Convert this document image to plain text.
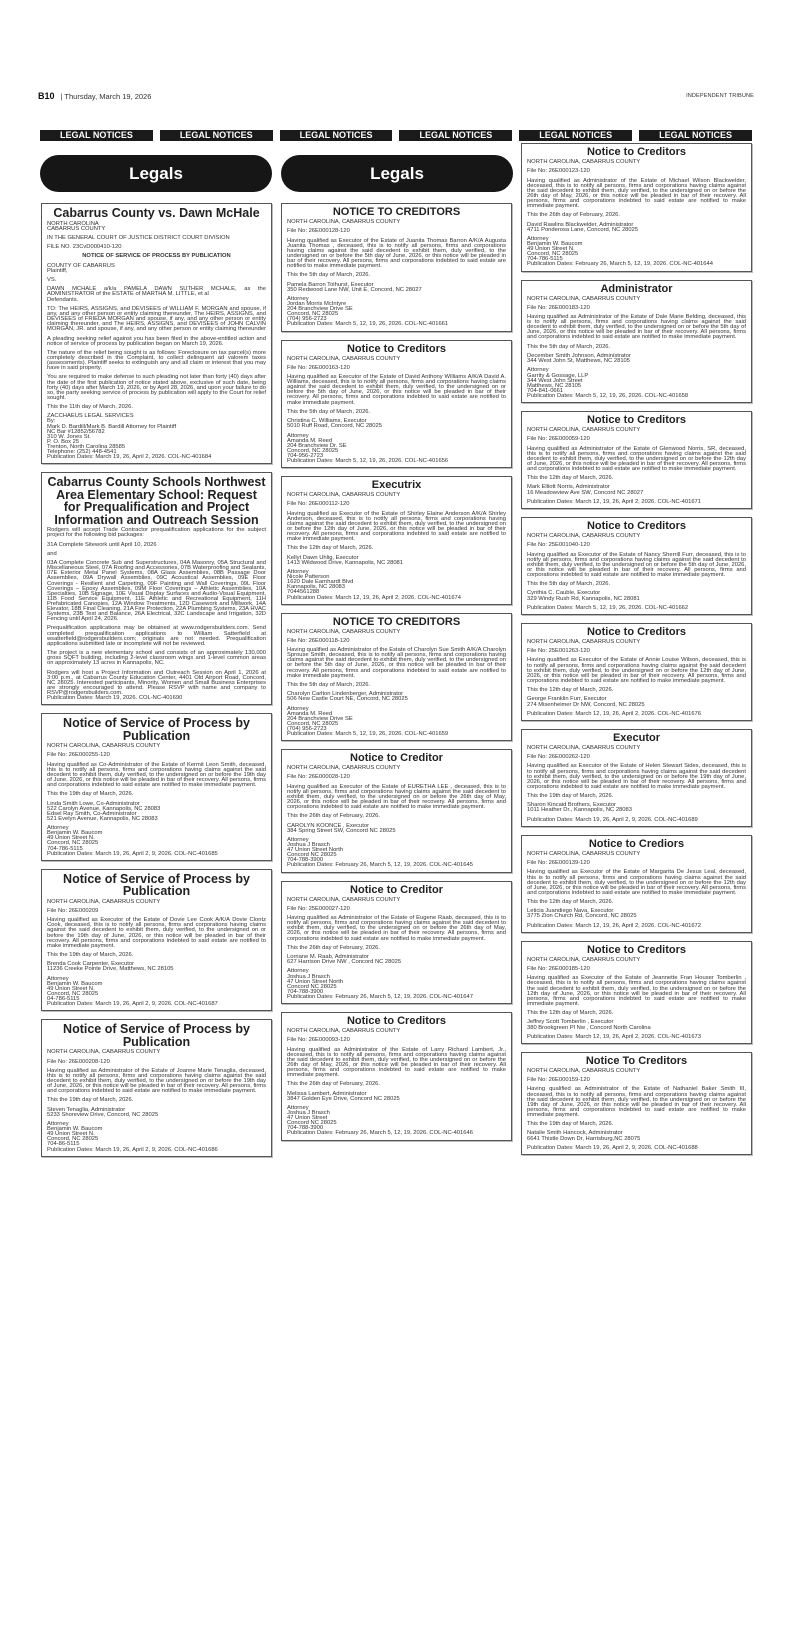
B10 | Thursday, March 19, 2026	INDEPENDENT TRIBUNE
LEGAL NOTICES	LEGAL NOTICES	LEGAL NOTICES	LEGAL NOTICES	LEGAL NOTICES	LEGAL NOTICES
Legals	Legals
Cabarrus County vs. Dawn McHale
NORTH CAROLINA
CABARRUS COUNTY
IN THE GENERAL COURT OF JUSTICE DISTRICT COURT DIVISION
FILE NO. 23CvD000410-120
NOTICE OF SERVICE OF PROCESS BY PUBLICATION
COUNTY OF CABARRUS
Plaintiff,
VS.
DAWN MCHALE a/k/a PAMELA DAWN SUTHER MCHALE, as the ADMINISTRATOR of the ESTATE of MARTHA M. LITTLE, et al
Defendants.
TO: The HEIRS, ASSIGNS, and DEVISEES of WILLIAM F. MORGAN and spouse, if any, and any other person or entity claiming thereunder, The HEIRS, ASSIGNS, and DEVISEES of FRIEDA MORGAN and spouse, if any, and any other person or entity claiming thereunder, and The HEIRS, ASSIGNS, and DEVISEES of JOHN CALVIN MORGAN, JR. and spouse, if any, and any other person or entity claiming thereunder
A pleading seeking relief against you has been filed in the above-entitled action and notice of service of process by publication began on March 19, 2026.
The nature of the relief being sought is as follows: Foreclosure on tax parcel(s) more completely described in the Complaint, to collect delinquent ad valorem taxes (assessments). Plaintiff seeks to extinguish any and all claim or interest that you may have in said property.
You are required to make defense to such pleading not later than forty (40) days after the date of the first publication of notice stated above, exclusive of such date, being forty (40) days after March 19, 2026, or by April 28, 2026, and upon your failure to do so, the party seeking service of process by publication will apply to the Court for relief sought.
This the 11th day of March, 2026.
ZACCHAEUS LEGAL SERVICES
By:
Mark D. Bardill/Mark B. Bardill Attorney for Plaintiff
NC Bar #12852/56782
310 W. Jones St.
P. O. Box 25
Trenton, North Carolina 28585
Telephone: (252) 448-4541
Publication Dates: March 19, 26, April 2, 2026. COL-NC-401684
Cabarrus County Schools Northwest Area Elementary School: Request for Prequalification and Project Information and Outreach Session
Rodgers will accept Trade Contractor prequalification applications for the subject project for the following bid packages:
31A Complete Sitework until April 10, 2026
and
03A Complete Concrete Sub and Superstructures, 04A Masonry, 05A Structural and Miscellaneous Steel, 07A Roofing and Accessories, 07B Waterproofing and Sealants, 07E Exterior Metal Panel Systems, 08A Glass Assemblies, 08B Passage Door Assemblies, 09A Drywall Assemblies, 09C Acoustical Assemblies, 09E Floor Coverings - Resilient and Carpeting, 09F Painting and Wall Coverings, 09L Floor Coverings – Epoxy Assemblies, 09M Floor Coverings – Athletic Assemblies, 10A Specialties, 10B Signage, 10E Visual Display Surfaces and Audio-Visual Equipment, 11B Food Service Equipment, 11E Athletic and Recreational Equipment, 11H Prefabricated Canopies, 12A Window Treatments, 12D Casework and Millwork, 14A Elevator, 18B Final Cleaning, 21A Fire Protection, 22A Plumbing Systems, 23A HVAC Systems, 23B Test and Balance, 26A Electrical, 32C Landscape and Irrigation, 32D Fencing until April 24, 2026.
Prequalification applications may be obtained at www.rodgersbuilders.com. Send completed prequalification applications to William Satterfield at wsatterfield@rodgersbuilders.com; originals are not needed. Prequalification applications submitted late or incomplete will not be reviewed.
The project is a new elementary school and consists of an approximately 130,000 gross SQFT building, including 2-level classroom wings and 1-level common areas on approximately 13 acres in Kannapolis, NC.
Rodgers will host a Project Information and Outreach Session on April 1, 2026 at 3:00 p.m., at Cabarrus County Education Center, 4401 Old Airport Road, Concord, NC 28025. Interested participants, Minority, Women and Small Business Enterprises are strongly encouraged to attend. Please RSVP with name and company to RSVP@rodgersbuilders.com.
Publication Dates: March 19, 2026. COL-NC-401690
Notice of Service of Process by Publication
NORTH CAROLINA, CABARRUS COUNTY
File No: 26E000255-120
Having qualified as Co-Administrator of the Estate of Kermit Leon Smith, deceased, this is to notify all persons, firms and corporations having claims against the said decedent to exhibit them, duly verified, to the undersigned on or before the 19th day of June, 2026, or this notice will be pleaded in bar of their recovery. All persons, firms and corporations indebted to said estate are notified to make immediate payment.
This the 19th day of March, 2026.
Linda Smith Lowe, Co-Administrator
522 Carolyn Avenue, Kannapolis, NC 28083
Edsel Ray Smith, Co-Administrator
521 Evelyn Avenue, Kannapolis, NC 28083
Attorney
Benjamin W. Baucom
49 Union Street N.
Concord, NC 28025
704-786-5115
Publication Dates: March 19, 26, April 2, 9, 2026. COL-NC-401685
Notice of Service of Process by Publication
NORTH CAROLINA, CABARRUS COUNTY
File No: 26E000209
Having qualified as Executor of the Estate of Dovie Lee Cook A/K/A Dovie Clontz Cook, deceased, this is to notify all persons, firms and corporations having claims against the said decedent to exhibit them, duly verified, to the undersigned on or before the 19th day of June, 2026, or this notice will be pleaded in bar of their recovery. All persons, firms and corporations indebted to said estate are notified to make immediate payment.
This the 19th day of March, 2026.
Brenda Cook Carpenter, Executor
11236 Creeke Pointe Drive, Matthews, NC 28105
Attorney
Benjamin W. Baucom
49 Union Street N.
Concord, NC 28025
04-786-5115
Publication Dates: March 19, 26, April 2, 9, 2026. COL-NC-401687
Notice of Service of Process by Publication
NORTH CAROLINA, CABARRUS COUNTY
File No: 26E000208-120
Having qualified as Administrator of the Estate of Joanne Marie Tenaglia, deceased, this is to notify all persons, firms and corporations having claims against the said decedent to exhibit them, duly verified, to the undersigned on or before the 19th day of June, 2026, or this notice will be pleaded in bar of their recovery. All persons, firms and corporations indebted to said estate are notified to make immediate payment.
This the 19th day of March, 2026.
Steven Tenaglia, Administrator
5233 Shoreview Drive, Concord, NC 28025
Attorney
Benjamin W. Baucom
49 Union Street N.
Concord, NC 28025
704-86-5115
Publication Dates: March 19, 26, April 2, 9, 2026. COL-NC-401686
NOTICE TO CREDITORS
NORTH CAROLINA, CABARRUS COUNTY
File No: 26E000128-120
Having qualified as Executor of the Estate of Juanita Thomas Barron A/K/A Augusta Juanita Thomas , deceased, this is to notify all persons, firms and corporations having claims against the said decedent to exhibit them, duly verified, to the undersigned on or before the 5th day of June, 2026, or this notice will be pleaded in bar of their recovery. All persons, firms and corporations indebted to said estate are notified to make immediate payment.
This the 5th day of March, 2026.
Pamela Barron Tolhurst, Executor
350 Redwood Lane NW, Unit E, Concord, NC 28027
Attorney
Jordan Morris McIntyre
204 Branchview Drive SE
Concord, NC 28025
(704) 956-2723
Publication Dates: March 5, 12, 19, 26, 2026. COL-NC-401661
Notice to Creditors
NORTH CAROLINA, CABARRUS COUNTY
File No: 26E000163-120
Having qualified as Executor of the Estate of David Anthony Williams A/K/A David A. Williams, deceased, this is to notify all persons, firms and corporations having claims against the said decedent to exhibit them, duly verified, to the undersigned on or before the 5th day of June, 2026, or this notice will be pleaded in bar of their recovery. All persons, firms and corporations indebted to said estate are notified to make immediate payment.
This the 5th day of March, 2026.
Christina C. Williams, Executor
5010 Ruff Road, Concord, NC 28025
Attorney
Amanda M. Reed
204 Branchview Dr. SE
Concord, NC 28025
704-956-2723
Publication Dates: March 5, 12, 19, 26, 2026. COL-NC-401656
Executrix
NORTH CAROLINA, CABARRUS COUNTY
File No: 26E000112-120
Having qualified as Executor of the Estate of Shirley Elaine Anderson A/K/A Shirley Anderson, deceased, this is to notify all persons, firms and corporations having claims against the said decedent to exhibit them, duly verified, to the undersigned on or before the 12th day of June, 2026, or this notice will be pleaded in bar of their recovery. All persons, firms and corporations indebted to said estate are notified to make immediate payment.
This the 12th day of March, 2026.
Kellyt Dawn Uhlig, Executor
1413 Wildwood Drive, Kannapolis, NC 28081
Attorney
Nicole Patterson
1620 Dale Earnhardt Blvd
Kannapolis, NC 28083
7044561288
Publication Dates: March 12, 19, 26, April 2, 2026. COL-NC-401674
NOTICE TO CREDITORS
NORTH CAROLINA, CABARRUS COUNTY
File No: 26E000118-120
Having qualified as Administrator of the Estate of Charolyn Sue Smith A/K/A Charolyn Sprouse Smith, deceased, this is to notify all persons, firms and corporations having claims against the said decedent to exhibit them, duly verified, to the undersigned on or before the 5th day of June, 2026, or this notice will be pleaded in bar of their recovery. All persons, firms and corporations indebted to said estate are notified to make immediate payment.
This the 5th day of March, 2026.
Charolyn Carlton Lindenberger, Administrator
506 New Castle Court NE, Concord, NC 28025
Attorney
Amanda M. Reed
204 Branchview Drive SE
Concord, NC 28025
(704) 956-2723
Publication Dates: March 5, 12, 19, 26, 2026. COL-NC-401659
Notice to Creditor
NORTH CAROLINA, CABARRUS COUNTY
File No: 26E000028-120
Having qualified as Executor of the Estate of EURETHA LEE , deceased, this is to notify all persons, firms and corporations having claims against the said decedent to exhibit them, duly verified, to the undersigned on or before the 26th day of May, 2026, or this notice will be pleaded in bar of their recovery. All persons, firms and corporations indebted to said estate are notified to make immediate payment.
This the 26th day of February, 2026.
CAROLYN KOONCE , Executor
384 Spring Street SW, Concord NC 28025
Attorney
Joshua J Brasch
47 Union Street North
Concord NC 28025
704-788-3900
Publication Dates: February 26, March 5, 12, 19, 2026. COL-NC-401645
Notice to Creditor
NORTH CAROLINA, CABARRUS COUNTY
File No: 25E000027-120
Having qualified as Administrator of the Estate of Eugene Raab, deceased, this is to notify all persons, firms and corporations having claims against the said decedent to exhibit them, duly verified, to the undersigned on or before the 26th day of May, 2026, or this notice will be pleaded in bar of their recovery. All persons, firms and corporations indebted to said estate are notified to make immediate payment.
This the 26th day of February, 2026.
Lorriane M. Raab, Administrator
627 Harrison Drive NW , Concord NC 28025
Attorney
Joshua J Brasch
47 Union Street North
Concord NC 28025
704-788-3900
Publication Dates: February 26, March 5, 12, 19, 2026. COL-NC-401647
Notice to Creditors
NORTH CAROLINA, CABARRUS COUNTY
File No: 26E000093-120
Having qualified as Administrator of the Estate of Larry Richard Lambert, Jr., deceased, this is to notify all persons, firms and corporations having claims against the said decedent to exhibit them, duly verified, to the undersigned on or before the 26th day of May, 2026, or this notice will be pleaded in bar of their recovery. All persons, firms and corporations indebted to said estate are notified to make immediate payment.
This the 26th day of February, 2026.
Melissa Lambert, Administrator
3847 Golden Eye Drive, Concord NC 28025
Attorney
Joshua J Brasch
47 Union Street
Concord NC 28025
704-788-3900
Publication Dates: February 26, March 5, 12, 19, 2026. COL-NC-401646
Notice to Creditors
NORTH CAROLINA, CABARRUS COUNTY
File No: 26E000123-120
Having qualified as Administrator of the Estate of Michael Wilson Blackwelder, deceased, this is to notify all persons, firms and corporations having claims against the said decedent to exhibit them, duly verified, to the undersigned on or before the 26th day of May, 2026, or this notice will be pleaded in bar of their recovery. All persons, firms and corporations indebted to said estate are notified to make immediate payment.
This the 26th day of February, 2026.
David Rawlins Blackwelder, Administrator
4711 Ponderosa Lane, Concord, NC 28025
Attorney
Benjamin W. Baucom
49 Union Street N.
Concord, NC 28025
704-786-5115
Publication Dates: February 26, March 5, 12, 19, 2026. COL-NC-401644
Administrator
NORTH CAROLINA, CABARRUS COUNTY
File No: 26E000183-120
Having qualified as Administrator of the Estate of Dale Marie Belding, deceased, this is to notify all persons, firms and corporations having claims against the said decedent to exhibit them, duly verified, to the undersigned on or before the 5th day of June, 2026, or this notice will be pleaded in bar of their recovery. All persons, firms and corporations indebted to said estate are notified to make immediate payment.
This the 5th day of March, 2026.
December Smith Johnson, Administrator
344 West John St, Matthews, NC 28105
Attorney
Garrity & Gossage, LLP
344 West John Street
Matthews, NC 28105
704-841-0661
Publication Dates: March 5, 12, 19, 26, 2026. COL-NC-401658
Notice to Creditors
NORTH CAROLINA, CABARRUS COUNTY
File No: 26E000059-120
Having qualified as Administrator of the Estate of Glenwood Norris, SR, deceased, this is to notify all persons, firms and corporations having claims against the said decedent to exhibit them, duly verified, to the undersigned on or before the 12th day of June, 2026, or this notice will be pleaded in bar of their recovery. All persons, firms and corporations indebted to said estate are notified to make immediate payment.
This the 12th day of March, 2026.
Mark Elliott Norris, Administrator
16 Meadowview Ave SW, Concord NC 28027
Publication Dates: March 12, 19, 26, April 2, 2026. COL-NC-401671
Notice to Creditors
NORTH CAROLINA, CABARRUS COUNTY
File No: 25E001040-120
Having qualified as Executor of the Estate of Nancy Sherrill Furr, deceased, this is to notify all persons, firms and corporations having claims against the said decedent to exhibit them, duly verified, to the undersigned on or before the 5th day of June, 2026, or this notice will be pleaded in bar of their recovery. All persons, firms and corporations indebted to said estate are notified to make immediate payment.
This the 5th day of March, 2026.
Cynthia C. Cauble, Executor
329 Windy Rush Rd, Kannapolis, NC 28081
Publication Dates: March 5, 12, 19, 26, 2026. COL-NC-401662
Notice to Creditors
NORTH CAROLINA, CABARRUS COUNTY
File No: 25E001263-120
Having qualified as Executor of the Estate of Annie Louise Wilson, deceased, this is to notify all persons, firms and corporations having claims against the said decedent to exhibit them, duly verified, to the undersigned on or before the 12th day of June, 2026, or this notice will be pleaded in bar of their recovery. All persons, firms and corporations indebted to said estate are notified to make immediate payment.
This the 12th day of March, 2026.
George Franklin Furr, Executor
274 Misenheimer Dr NW, Concord, NC 28025
Publication Dates: March 12, 19, 26, April 2, 2026. COL-NC-401676
Executor
NORTH CAROLINA, CABARRUS COUNTY
File No: 26E000262-120
Having qualified as Executor of the Estate of Helen Stewart Sides, deceased, this is to notify all persons, firms and corporations having claims against the said decedent to exhibit them, duly verified, to the undersigned on or before the 19th day of June, 2026, or this notice will be pleaded in bar of their recovery. All persons, firms and corporations indebted to said estate are notified to make immediate payment.
This the 19th day of March, 2026.
Sharon Kincaid Brothers, Executor
1011 Heather Dr., Kannapolis, NC 28083
Publication Dates: March 19, 26, April 2, 9, 2026. COL-NC-401689
Notice to Crediors
NORTH CAROLINA, CABARRUS COUNTY
File No: 26E000139-120
Having qualified as Executor of the Estate of Margarita De Jesus Leal, deceased, this is to notify all persons, firms and corporations having claims against the said decedent to exhibit them, duly verified, to the undersigned on or before the 12th day of June, 2026, or this notice will be pleaded in bar of their recovery. All persons, firms and corporations indebted to said estate are notified to make immediate payment.
This the 12th day of March, 2026.
Leticia Juandiego Nava, Executor
3775 Zion Church Rd, Concord, NC 28025
Publication Dates: March 12, 19, 26, April 2, 2026. COL-NC-401672
Notice to Creditors
NORTH CAROLINA, CABARRUS COUNTY
File No: 26E000185-120
Having qualified as Executor of the Estate of Jeannette Fran Houser Tomberlin , deceased, this is to notify all persons, firms and corporations having claims against the said decedent to exhibit them, duly verified, to the undersigned on or before the 12th day of June, 2026, or this notice will be pleaded in bar of their recovery. All persons, firms and corporations indebted to said estate are notified to make immediate payment.
This the 12th day of March, 2026.
Jeffrey Scott Tomberlin , Executor
380 Brookgreen Pl Nw , Concord North Carolina
Publication Dates: March 12, 19, 26, April 2, 2026. COL-NC-401673
Notice To Creditors
NORTH CAROLINA, CABARRUS COUNTY
File No: 26E000159-120
Having qualified as Administrator of the Estate of Nathaniel Baker Smith III, deceased, this is to notify all persons, firms and corporations having claims against the said decedent to exhibit them, duly verified, to the undersigned on or before the 19th day of June, 2026, or this notice will be pleaded in bar of their recovery. All persons, firms and corporations indebted to said estate are notified to make immediate payment.
This the 19th day of March, 2026.
Natalie Smith Hancock, Administrator
6641 Thistle Down Dr, Harrisburg,NC 28075
Publication Dates: March 19, 26, April 2, 9, 2026. COL-NC-401688
